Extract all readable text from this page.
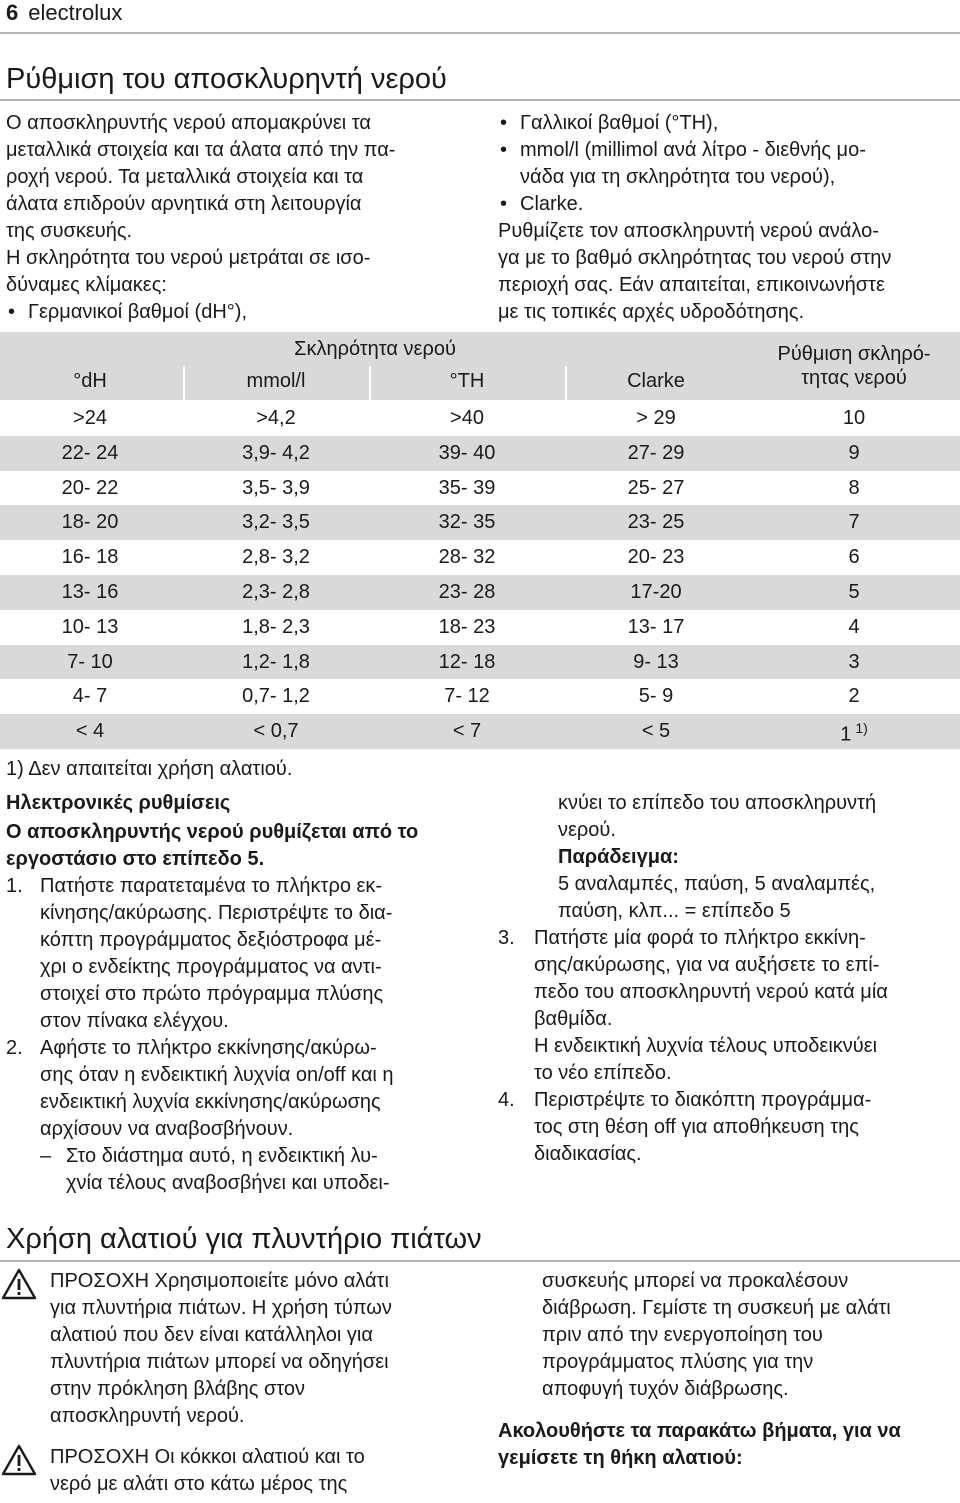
6 electrolux
Ρύθμιση του αποσκλυρηντή νερού
Ο αποσκληρυντής νερού απομακρύνει τα
μεταλλικά στοιχεία και τα άλατα από την πα-
ροχή νερού. Τα μεταλλικά στοιχεία και τα
άλατα επιδρούν αρνητικά στη λειτουργία
της συσκευής.
Η σκληρότητα του νερού μετράται σε ισο-
δύναμες κλίμακες:
• Γερμανικοί βαθμοί (dH°),
• Γαλλικοί βαθμοί (°TH),
• mmol/l (millimol ανά λίτρο - διεθνής μο-
νάδα για τη σκληρότητα του νερού),
• Clarke.
Ρυθμίζετε τον αποσκληρυντή νερού ανάλο-
γα με το βαθμό σκληρότητας του νερού στην
περιοχή σας. Εάν απαιτείται, επικοινωνήστε
με τις τοπικές αρχές υδροδότησης.
Σκληρότητα νερού
°dH	mmol/l	°TH	Clarke
Ρύθμιση σκληρό-
τητας νερού
>24	>4,2	>40	> 29	10
22- 24	3,9- 4,2	39- 40	27- 29	9
20- 22	3,5- 3,9	35- 39	25- 27	8
18- 20	3,2- 3,5	32- 35	23- 25	7
16- 18	2,8- 3,2	28- 32	20- 23	6
13- 16	2,3- 2,8	23- 28	17-20	5
10- 13	1,8- 2,3	18- 23	13- 17	4
7- 10	1,2- 1,8	12- 18	9- 13	3
4- 7	0,7- 1,2	7- 12	5- 9	2
< 4	< 0,7	< 7	< 5	1 $^{1)}$
1) Δεν απαιτείται χρήση αλατιού.

Ηλεκτρονικές ρυθμίσεις

Ο αποσκληρυντής νερού ρυθμίζεται από το
εργοστάσιο στο επίπεδο 5.

1. Πατήστε παρατεταμένα το πλήκτρο εκ-
κίνησης/ακύρωσης. Περιστρέψτε το δια-
κόπτη προγράμματος δεξιόστροφα μέ-
χρι ο ενδείκτης προγράμματος να αντι-
στοιχεί στο πρώτο πρόγραμμα πλύσης
στον πίνακα ελέγχου.
2. Αφήστε το πλήκτρο εκκίνησης/ακύρω-
σης όταν η ενδεικτική λυχνία on/off και η
ενδεικτική λυχνία εκκίνησης/ακύρωσης
αρχίσουν να αναβοσβήνουν.
– Στο διάστημα αυτό, η ενδεικτική λυ-
χνία τέλους αναβοσβήνει και υποδει-
κνύει το επίπεδο του αποσκληρυντή
νερού.
Παράδειγμα:
5 αναλαμπές, παύση, 5 αναλαμπές,
παύση, κλπ... = επίπεδο 5
3. Πατήστε μία φορά το πλήκτρο εκκίνη-
σης/ακύρωσης, για να αυξήσετε το επί-
πεδο του αποσκληρυντή νερού κατά μία
βαθμίδα.
Η ενδεικτική λυχνία τέλους υποδεικνύει
το νέο επίπεδο.
4. Περιστρέψτε το διακόπτη προγράμμα-
τος στη θέση off για αποθήκευση της
διαδικασίας.
Χρήση αλατιού για πλυντήριο πιάτων
ΠΡΟΣΟΧΗ Χρησιμοποιείτε μόνο αλάτι
για πλυντήρια πιάτων. Η χρήση τύπων
αλατιού που δεν είναι κατάλληλοι για
πλυντήρια πιάτων μπορεί να οδηγήσει
στην πρόκληση βλάβης στον
αποσκληρυντή νερού.
ΠΡΟΣΟΧΗ Οι κόκκοι αλατιού και το
νερό με αλάτι στο κάτω μέρος της
συσκευής μπορεί να προκαλέσουν
διάβρωση. Γεμίστε τη συσκευή με αλάτι
πριν από την ενεργοποίηση του
προγράμματος πλύσης για την
αποφυγή τυχόν διάβρωσης.
Ακολουθήστε τα παρακάτω βήματα, για να
γεμίσετε τη θήκη αλατιού:
